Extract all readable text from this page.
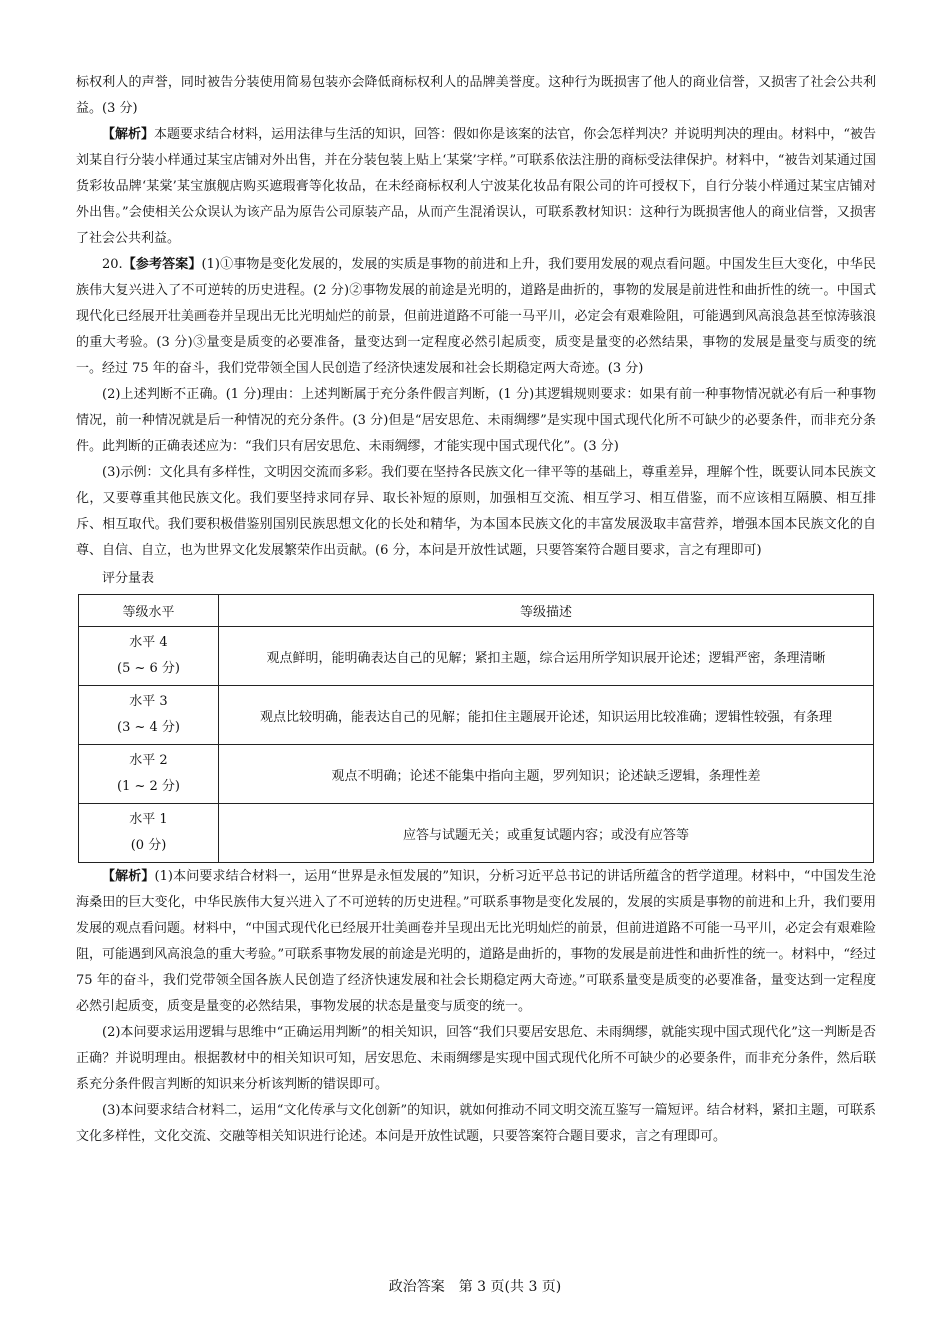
标权利人的声誉，同时被告分装使用简易包装亦会降低商标权利人的品牌美誉度。这种行为既损害了他人的商业信誉，又损害了社会公共利益。(3 分)

【解析】本题要求结合材料，运用法律与生活的知识，回答：假如你是该案的法官，你会怎样判决？并说明判决的理由。材料中，“被告刘某自行分装小样通过某宝店铺对外出售，并在分装包装上贴上‘某棠’字样。”可联系依法注册的商标受法律保护。材料中，“被告刘某通过国货彩妆品牌‘某棠’某宝旗舰店购买遮瑕膏等化妆品，在未经商标权利人宁波某化妆品有限公司的许可授权下，自行分装小样通过某宝店铺对外出售。”会使相关公众误认为该产品为原告公司原装产品，从而产生混淆误认，可联系教材知识：这种行为既损害他人的商业信誉，又损害了社会公共利益。

20.【参考答案】(1)①事物是变化发展的，发展的实质是事物的前进和上升，我们要用发展的观点看问题。中国发生巨大变化，中华民族伟大复兴进入了不可逆转的历史进程。(2 分)②事物发展的前途是光明的，道路是曲折的，事物的发展是前进性和曲折性的统一。中国式现代化已经展开壮美画卷并呈现出无比光明灿烂的前景，但前进道路不可能一马平川，必定会有艰难险阻，可能遇到风高浪急甚至惊涛骇浪的重大考验。(3 分)③量变是质变的必要准备，量变达到一定程度必然引起质变，质变是量变的必然结果，事物的发展是量变与质变的统一。经过 75 年的奋斗，我们党带领全国人民创造了经济快速发展和社会长期稳定两大奇迹。(3 分)

(2)上述判断不正确。(1 分)理由：上述判断属于充分条件假言判断，(1 分)其逻辑规则要求：如果有前一种事物情况就必有后一种事物情况，前一种情况就是后一种情况的充分条件。(3 分)但是“居安思危、未雨绸缪”是实现中国式现代化所不可缺少的必要条件，而非充分条件。此判断的正确表述应为：“我们只有居安思危、未雨绸缪，才能实现中国式现代化”。(3 分)

(3)示例：文化具有多样性，文明因交流而多彩。我们要在坚持各民族文化一律平等的基础上，尊重差异，理解个性，既要认同本民族文化，又要尊重其他民族文化。我们要坚持求同存异、取长补短的原则，加强相互交流、相互学习、相互借鉴，而不应该相互隔膜、相互排斥、相互取代。我们要积极借鉴别国别民族思想文化的长处和精华，为本国本民族文化的丰富发展汲取丰富营养，增强本国本民族文化的自尊、自信、自立，也为世界文化发展繁荣作出贡献。(6 分，本问是开放性试题，只要答案符合题目要求，言之有理即可)

评分量表
等级水平	等级描述

水平 4
(5 ~ 6 分)	观点鲜明，能明确表达自己的见解；紧扣主题，综合运用所学知识展开论述；逻辑严密，条理清晰

水平 3
(3 ~ 4 分)	观点比较明确，能表达自己的见解；能扣住主题展开论述，知识运用比较准确；逻辑性较强，有条理

水平 2
(1 ~ 2 分)	观点不明确；论述不能集中指向主题，罗列知识；论述缺乏逻辑，条理性差

水平 1
(0 分)	应答与试题无关；或重复试题内容；或没有应答等

【解析】(1)本问要求结合材料一，运用“世界是永恒发展的”知识，分析习近平总书记的讲话所蕴含的哲学道理。材料中，“中国发生沧海桑田的巨大变化，中华民族伟大复兴进入了不可逆转的历史进程。”可联系事物是变化发展的，发展的实质是事物的前进和上升，我们要用发展的观点看问题。材料中，“中国式现代化已经展开壮美画卷并呈现出无比光明灿烂的前景，但前进道路不可能一马平川，必定会有艰难险阻，可能遇到风高浪急的重大考验。”可联系事物发展的前途是光明的，道路是曲折的，事物的发展是前进性和曲折性的统一。材料中，“经过 75 年的奋斗，我们党带领全国各族人民创造了经济快速发展和社会长期稳定两大奇迹。”可联系量变是质变的必要准备，量变达到一定程度必然引起质变，质变是量变的必然结果，事物发展的状态是量变与质变的统一。

(2)本问要求运用逻辑与思维中“正确运用判断”的相关知识，回答“我们只要居安思危、未雨绸缪，就能实现中国式现代化”这一判断是否正确？并说明理由。根据教材中的相关知识可知，居安思危、未雨绸缪是实现中国式现代化所不可缺少的必要条件，而非充分条件，然后联系充分条件假言判断的知识来分析该判断的错误即可。

(3)本问要求结合材料二，运用“文化传承与文化创新”的知识，就如何推动不同文明交流互鉴写一篇短评。结合材料，紧扣主题，可联系文化多样性，文化交流、交融等相关知识进行论述。本问是开放性试题，只要答案符合题目要求，言之有理即可。

政治答案　第 3 页(共 3 页)
